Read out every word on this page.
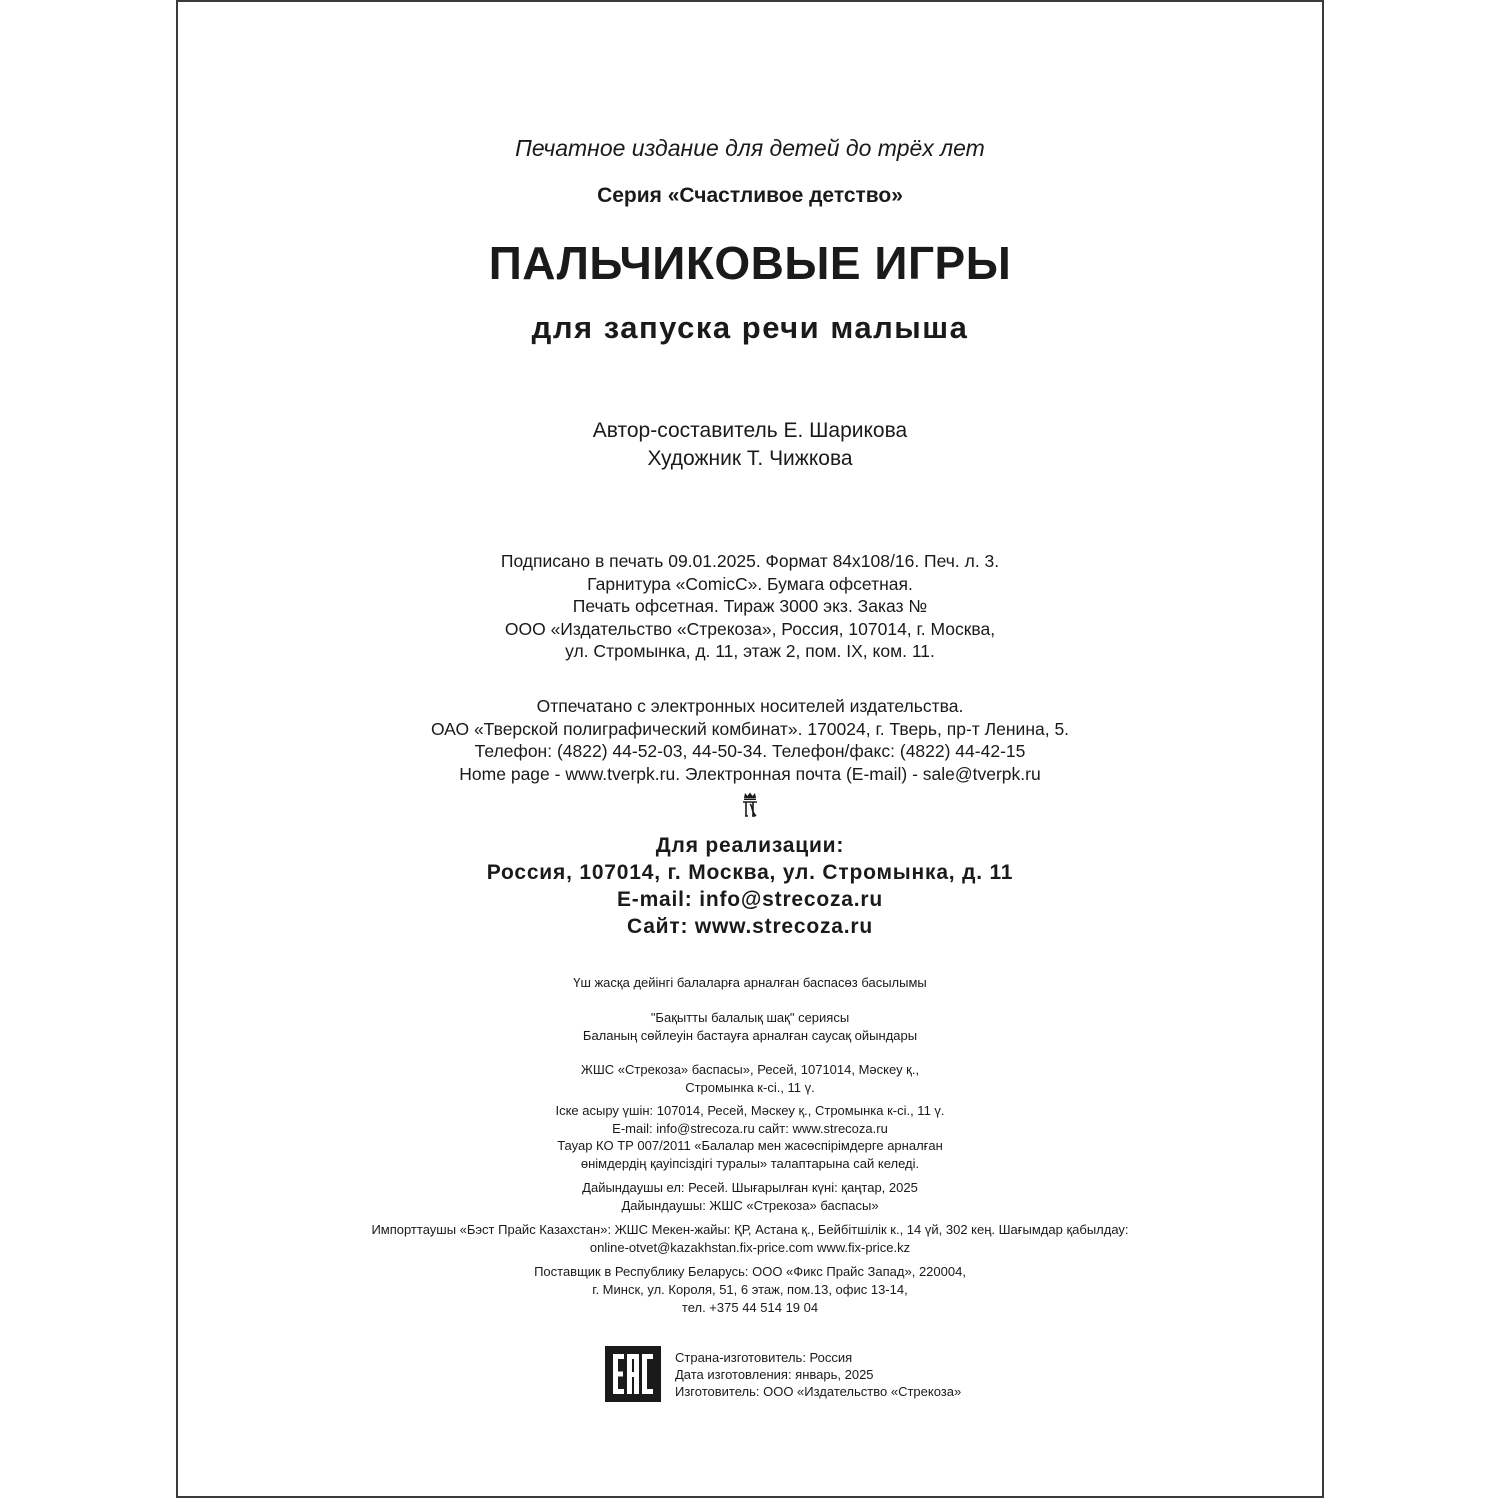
Печатное издание для детей до трёх лет
Серия «Счастливое детство»
ПАЛЬЧИКОВЫЕ ИГРЫ
для запуска речи малыша
Автор-составитель Е. Шарикова
Художник Т. Чижкова
Подписано в печать 09.01.2025. Формат 84х108/16. Печ. л. 3.
Гарнитура «ComicC». Бумага офсетная.
Печать офсетная. Тираж 3000 экз. Заказ №
ООО «Издательство «Стрекоза», Россия, 107014, г. Москва,
ул. Стромынка, д. 11, этаж 2, пом. IX, ком. 11.
Отпечатано с электронных носителей издательства.
ОАО «Тверской полиграфический комбинат». 170024, г. Тверь, пр-т Ленина, 5.
Телефон: (4822) 44-52-03, 44-50-34. Телефон/факс: (4822) 44-42-15
Home page - www.tverpk.ru. Электронная почта (E-mail) - sale@tverpk.ru
Для реализации:
Россия, 107014, г. Москва, ул. Стромынка, д. 11
E-mail: info@strecoza.ru
Сайт: www.strecoza.ru
Үш жасқа дейінгі балаларға арналған баспасөз басылымы
"Бақытты балалық шақ" сериясы
Баланың сөйлеуін бастауға арналған саусақ ойындары
ЖШС «Стрекоза» баспасы», Ресей, 1071014, Мәскеу қ.,
Стромынка к-сі., 11 ү.
Іске асыру үшін: 107014, Ресей, Мәскеу қ., Стромынка к-сі., 11 ү.
E-mail: info@strecoza.ru сайт: www.strecoza.ru
Тауар КО ТР 007/2011 «Балалар мен жасөспірімдерге арналған
өнімдердің қауіпсіздігі туралы» талаптарына сай келеді.
Дайындаушы ел: Ресей. Шығарылған күні: қаңтар, 2025
Дайындаушы: ЖШС «Стрекоза» баспасы»
Импорттаушы «Бэст Прайс Казахстан»: ЖШС Мекен-жайы: ҚР, Астана қ., Бейбітшілік к., 14 үй, 302 кең. Шағымдар қабылдау:
online-otvet@kazakhstan.fix-price.com www.fix-price.kz
Поставщик в Республику Беларусь: ООО «Фикс Прайс Запад», 220004,
г. Минск, ул. Короля, 51, 6 этаж, пом.13, офис 13-14,
тел. +375 44 514 19 04
Страна-изготовитель: Россия
Дата изготовления: январь, 2025
Изготовитель: ООО «Издательство «Стрекоза»
